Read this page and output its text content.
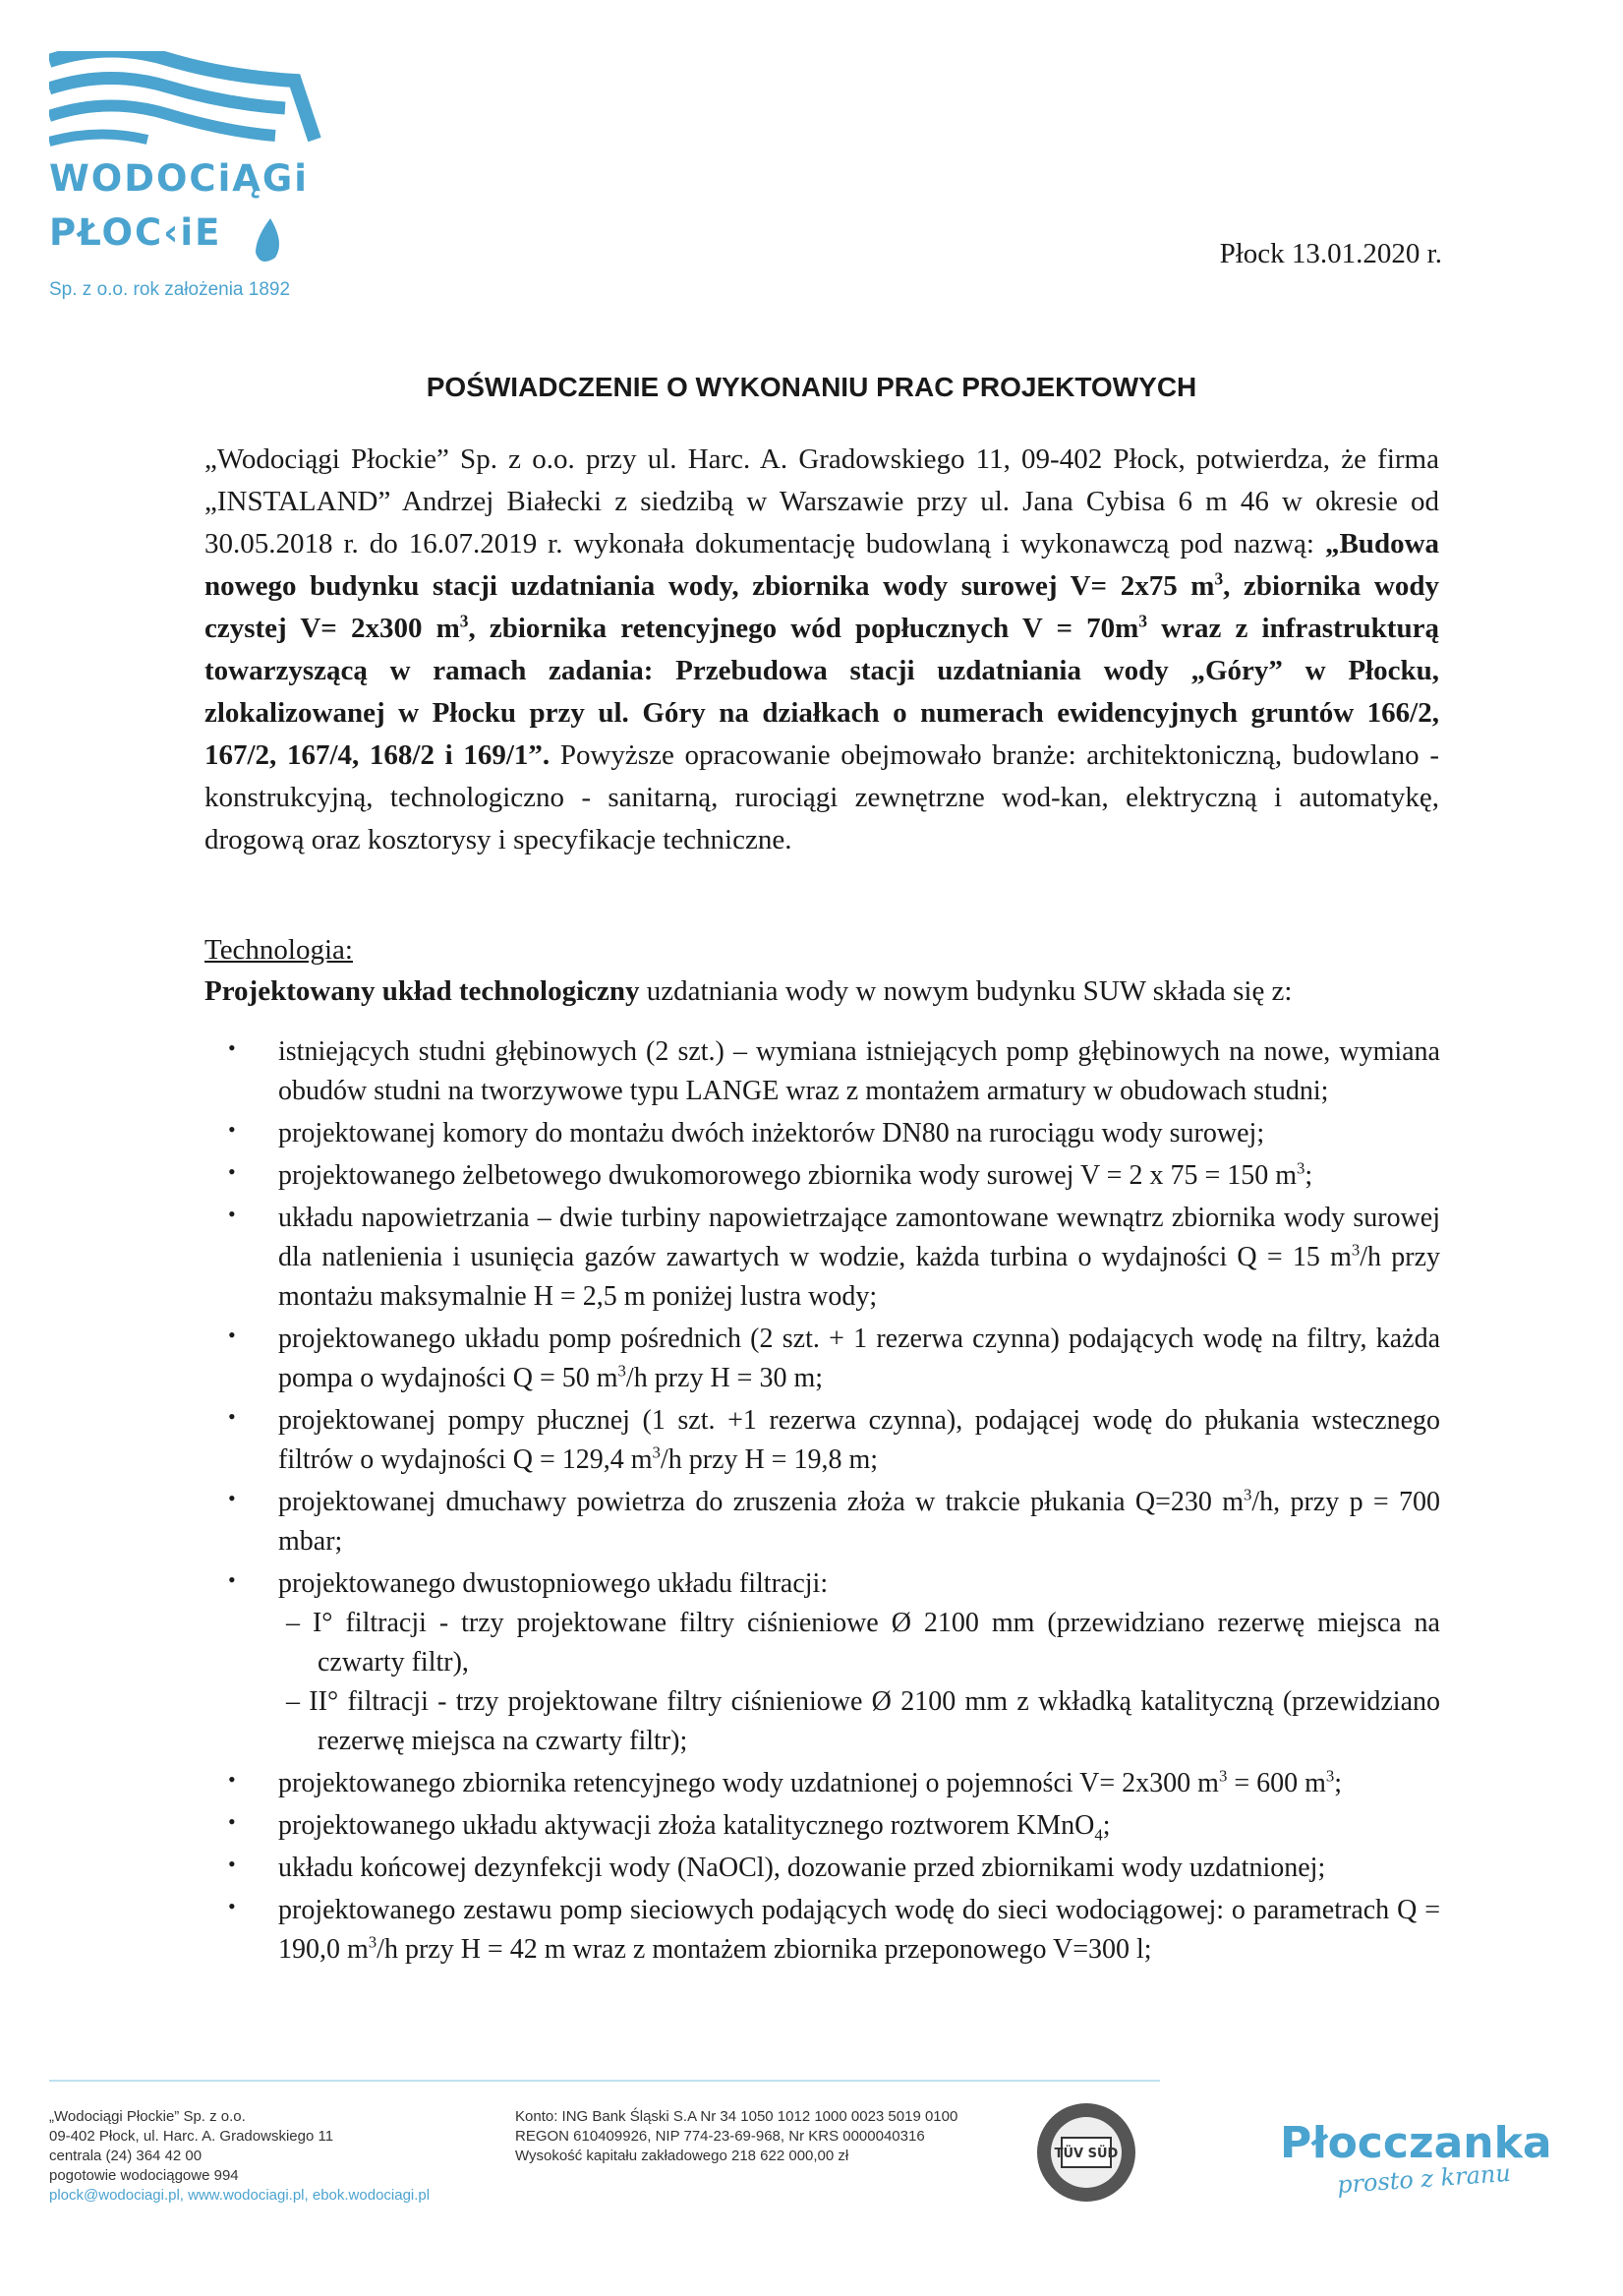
WODOCiĄGi
PŁOC‹iE
Sp. z o.o. rok założenia 1892
Płock 13.01.2020 r.
POŚWIADCZENIE O WYKONANIU PRAC PROJEKTOWYCH
„Wodociągi Płockie” Sp. z o.o. przy ul. Harc. A. Gradowskiego 11, 09-402 Płock, potwierdza, że firma „INSTALAND” Andrzej Białecki z siedzibą w Warszawie przy ul. Jana Cybisa 6 m 46 w okresie od 30.05.2018 r. do 16.07.2019 r. wykonała dokumentację budowlaną i wykonawczą pod nazwą: „Budowa nowego budynku stacji uzdatniania wody, zbiornika wody surowej V= 2x75 $m^3$, zbiornika wody czystej V= 2x300 $m^3$, zbiornika retencyjnego wód popłucznych $V = 70m^3$ wraz z infrastrukturą towarzyszącą w ramach zadania: Przebudowa stacji uzdatniania wody „Góry” w Płocku, zlokalizowanej w Płocku przy ul. Góry na działkach o numerach ewidencyjnych gruntów 166/2, 167/2, 167/4, 168/2 i 169/1”. Powyższe opracowanie obejmowało branże: architektoniczną, budowlano - konstrukcyjną, technologiczno - sanitarną, rurociągi zewnętrzne wod-kan, elektryczną i automatykę, drogową oraz kosztorysy i specyfikacje techniczne.
Technologia:
Projektowany układ technologiczny uzdatniania wody w nowym budynku SUW składa się z:
• istniejących studni głębinowych (2 szt.) – wymiana istniejących pomp głębinowych na nowe, wymiana obudów studni na tworzywowe typu LANGE wraz z montażem armatury w obudowach studni;
• projektowanej komory do montażu dwóch inżektorów DN80 na rurociągu wody surowej;
• projektowanego żelbetowego dwukomorowego zbiornika wody surowej V = 2 x 75 = 150 $m^3$;
• układu napowietrzania – dwie turbiny napowietrzające zamontowane wewnątrz zbiornika wody surowej dla natlenienia i usunięcia gazów zawartych w wodzie, każda turbina o wydajności Q = 15 $m^3/h$ przy montażu maksymalnie H = 2,5 m poniżej lustra wody;
• projektowanego układu pomp pośrednich (2 szt. + 1 rezerwa czynna) podających wodę na filtry, każda pompa o wydajności Q = 50 $m^3/h$ przy H = 30 m;
• projektowanej pompy płucznej (1 szt. +1 rezerwa czynna), podającej wodę do płukania wstecznego filtrów o wydajności Q = 129,4 $m^3/h$ przy H = 19,8 m;
• projektowanej dmuchawy powietrza do zruszenia złoża w trakcie płukania Q=230 $m^3/h$, przy p = 700 mbar;
• projektowanego dwustopniowego układu filtracji:
– I° filtracji - trzy projektowane filtry ciśnieniowe Ø 2100 mm (przewidziano rezerwę miejsca na czwarty filtr),
– II° filtracji - trzy projektowane filtry ciśnieniowe Ø 2100 mm z wkładką katalityczną (przewidziano rezerwę miejsca na czwarty filtr);
• projektowanego zbiornika retencyjnego wody uzdatnionej o pojemności V= 2x300 $m^3 = 600$ $m^3$;
• projektowanego układu aktywacji złoża katalitycznego roztworem KMnO$_4$;
• układu końcowej dezynfekcji wody (NaOCl), dozowanie przed zbiornikami wody uzdatnionej;
• projektowanego zestawu pomp sieciowych podających wodę do sieci wodociągowej: o parametrach Q = 190,0 $m^3/h$ przy H = 42 m wraz z montażem zbiornika przeponowego V=300 l;
„Wodociągi Płockie” Sp. z o.o.
09-402 Płock, ul. Harc. A. Gradowskiego 11
centrala (24) 364 42 00
pogotowie wodociągowe 994
plock@wodociagi.pl, www.wodociagi.pl, ebok.wodociagi.pl
Konto: ING Bank Śląski S.A Nr 34 1050 1012 1000 0023 5019 0100
REGON 610409926, NIP 774-23-69-968, Nr KRS 0000040316
Wysokość kapitału zakładowego 218 622 000,00 zł	TÜV SÜD	Płocczanka
prosto z kranu
